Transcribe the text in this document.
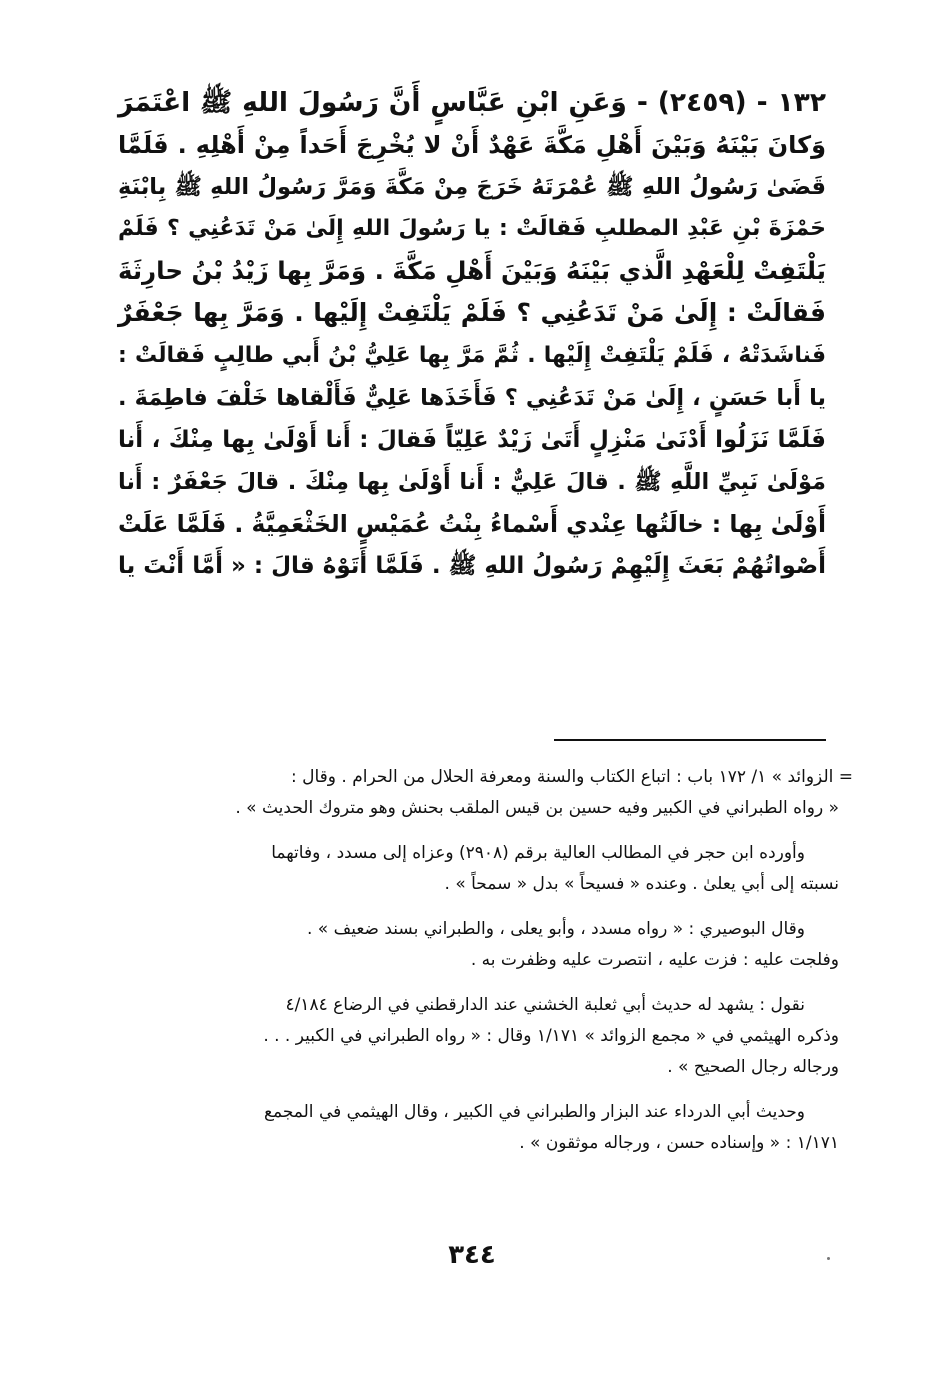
١٣٢ - (٢٤٥٩) - وَعَنِ ابْنِ عَبَّاسٍ أَنَّ رَسُولَ اللهِ ﷺ اعْتَمَرَ
وَكانَ بَيْنَهُ وَبَيْنَ أَهْلِ مَكَّةَ عَهْدٌ أَنْ لا يُخْرِجَ أَحَداً مِنْ أَهْلِهِ . فَلَمَّا
قَضَىٰ رَسُولُ اللهِ ﷺ عُمْرَتَهُ خَرَجَ مِنْ مَكَّةَ وَمَرَّ رَسُولُ اللهِ ﷺ بِابْنَةِ
حَمْزَةَ بْنِ عَبْدِ المطلبِ فَقالَتْ : يا رَسُولَ اللهِ إِلَىٰ مَنْ تَدَعُنِي ؟ فَلَمْ
يَلْتَفِتْ لِلْعَهْدِ الَّذي بَيْنَهُ وَبَيْنَ أَهْلِ مَكَّةَ . وَمَرَّ بِها زَيْدُ بْنُ حارِثَةَ
فَقالَتْ : إِلَىٰ مَنْ تَدَعُنِي ؟ فَلَمْ يَلْتَفِتْ إِلَيْها . وَمَرَّ بِها جَعْفَرٌ
فَناشَدَتْهُ ، فَلَمْ يَلْتَفِتْ إِلَيْها . ثُمَّ مَرَّ بِها عَلِيُّ بْنُ أَبي طالِبٍ فَقالَتْ :
يا أَبا حَسَنٍ ، إِلَىٰ مَنْ تَدَعُنِي ؟ فَأَخَذَها عَلِيٌّ فَأَلْقاها خَلْفَ فاطِمَةَ .
فَلَمَّا نَزَلُوا أَدْنَىٰ مَنْزِلٍ أَتَىٰ زَيْدٌ عَلِيّاً فَقالَ : أَنا أَوْلَىٰ بِها مِنْكَ ، أَنا
مَوْلَىٰ نَبِيِّ اللَّهِ ﷺ . قالَ عَلِيٌّ : أَنا أَوْلَىٰ بِها مِنْكَ . قالَ جَعْفَرٌ : أَنا
أَوْلَىٰ بِها : خالَتُها عِنْدي أَسْماءُ بِنْتُ عُمَيْسٍ الخَثْعَمِيَّةُ . فَلَمَّا عَلَتْ
أَصْواتُهُمْ بَعَثَ إِلَيْهِمْ رَسُولُ اللهِ ﷺ . فَلَمَّا أَتَوْهُ قالَ : « أَمَّا أَنْتَ يا
= الزوائد » ١/ ١٧٢ باب : اتباع الكتاب والسنة ومعرفة الحلال من الحرام . وقال :
« رواه الطبراني في الكبير وفيه حسين بن قيس الملقب بحنش وهو متروك الحديث » .
وأورده ابن حجر في المطالب العالية برقم (٢٩٠٨) وعزاه إلى مسدد ، وفاتهما
نسبته إلى أبي يعلىٰ . وعنده « فسيحاً » بدل « سمحاً » .
وقال البوصيري : « رواه مسدد ، وأبو يعلى ، والطبراني بسند ضعيف » .
وفلجت عليه : فزت عليه ، انتصرت عليه وظفرت به .
نقول : يشهد له حديث أبي ثعلبة الخشني عند الدارقطني في الرضاع ٤/١٨٤
وذكره الهيثمي في « مجمع الزوائد » ١/١٧١ وقال : « رواه الطبراني في الكبير . . .
ورجاله رجال الصحيح » .
وحديث أبي الدرداء عند البزار والطبراني في الكبير ، وقال الهيثمي في المجمع
١/١٧١ : « وإسناده حسن ، ورجاله موثقون » .
٣٤٤
